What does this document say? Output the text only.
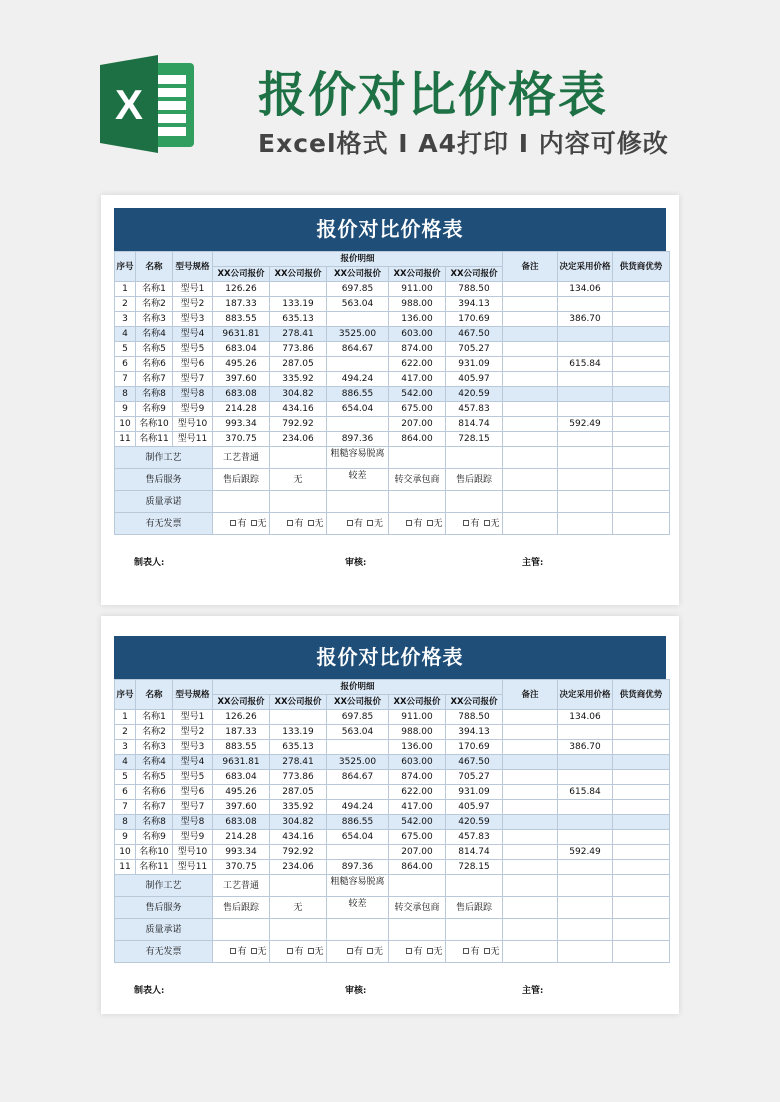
X 报价对比价格表
Excel格式 I A4打印 I 内容可修改
报价对比价格表
序号	名称	型号规格	报价明细					备注	决定采用价格	供货商优势
			XX公司报价	XX公司报价	XX公司报价	XX公司报价	XX公司报价			
1	名称1	型号1	126.26		697.85	911.00	788.50		134.06	
2	名称2	型号2	187.33	133.19	563.04	988.00	394.13			
3	名称3	型号3	883.55	635.13		136.00	170.69		386.70	
4	名称4	型号4	9631.81	278.41	3525.00	603.00	467.50			
5	名称5	型号5	683.04	773.86	864.67	874.00	705.27			
6	名称6	型号6	495.26	287.05		622.00	931.09		615.84	
7	名称7	型号7	397.60	335.92	494.24	417.00	405.97			
8	名称8	型号8	683.08	304.82	886.55	542.00	420.59			
9	名称9	型号9	214.28	434.16	654.04	675.00	457.83			
10	名称10	型号10	993.34	792.92		207.00	814.74		592.49	
11	名称11	型号11	370.75	234.06	897.36	864.00	728.15			
制作工艺			工艺普通		粗糙容易脱离					
售后服务			售后跟踪	无	较差	转交承包商	售后跟踪			
质量承诺										
有无发票			有 无	有 无	有 无	有 无	有 无			
制表人:	审核:	主管:
报价对比价格表
序号	名称	型号规格	报价明细					备注	决定采用价格	供货商优势
			XX公司报价	XX公司报价	XX公司报价	XX公司报价	XX公司报价			
1	名称1	型号1	126.26		697.85	911.00	788.50		134.06	
2	名称2	型号2	187.33	133.19	563.04	988.00	394.13			
3	名称3	型号3	883.55	635.13		136.00	170.69		386.70	
4	名称4	型号4	9631.81	278.41	3525.00	603.00	467.50			
5	名称5	型号5	683.04	773.86	864.67	874.00	705.27			
6	名称6	型号6	495.26	287.05		622.00	931.09		615.84	
7	名称7	型号7	397.60	335.92	494.24	417.00	405.97			
8	名称8	型号8	683.08	304.82	886.55	542.00	420.59			
9	名称9	型号9	214.28	434.16	654.04	675.00	457.83			
10	名称10	型号10	993.34	792.92		207.00	814.74		592.49	
11	名称11	型号11	370.75	234.06	897.36	864.00	728.15			
制作工艺			工艺普通		粗糙容易脱离					
售后服务			售后跟踪	无	较差	转交承包商	售后跟踪			
质量承诺										
有无发票			有 无	有 无	有 无	有 无	有 无			
制表人:	审核:	主管:
